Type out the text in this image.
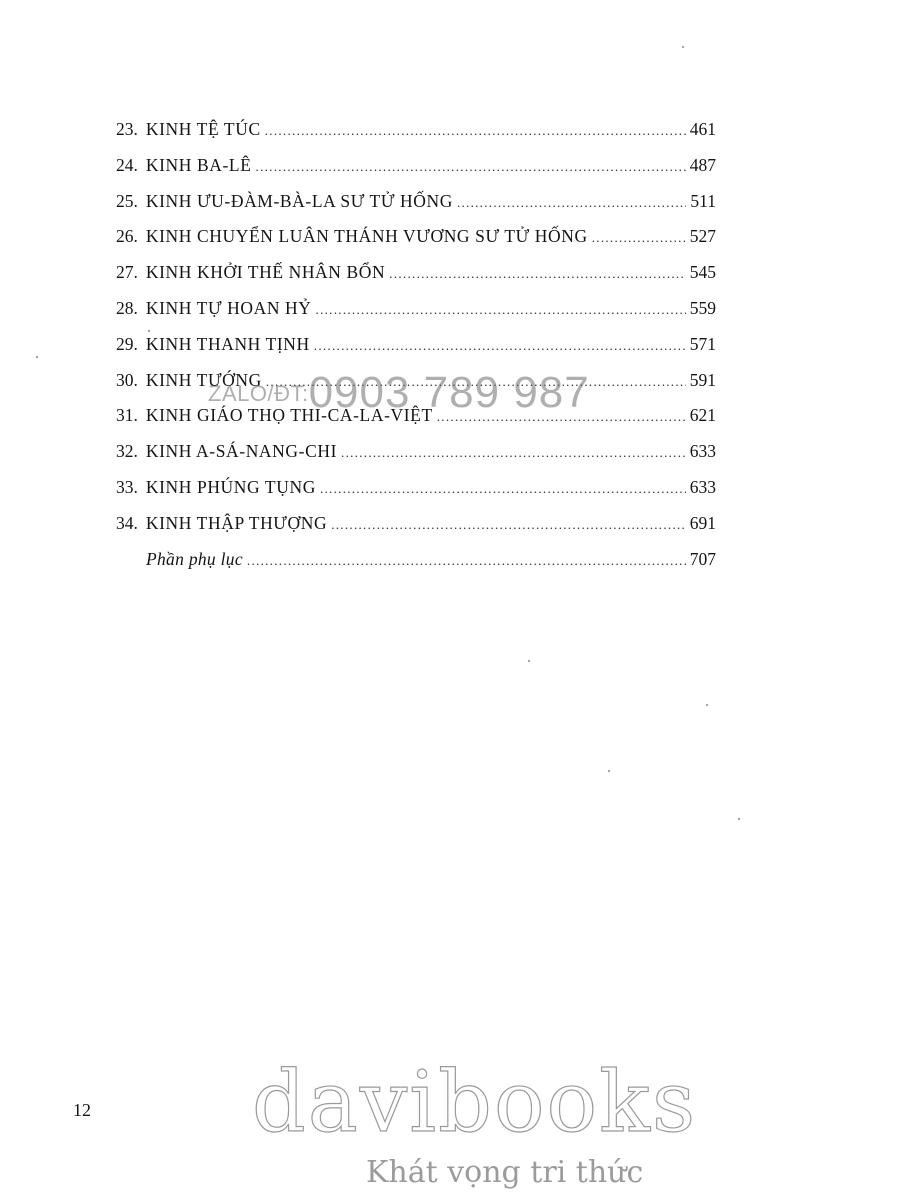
23. KINH TỆ TÚC .....	461
24. KINH BA-LÊ .....	487
25. KINH ƯU-ĐÀM-BÀ-LA SƯ TỬ HỐNG .....	511
26. KINH CHUYỂN LUÂN THÁNH VƯƠNG SƯ TỬ HỐNG .....	527
27. KINH KHỞI THẾ NHÂN BỔN .....	545
28. KINH TỰ HOAN HỶ .....	559
29. KINH THANH TỊNH .....	571
30. KINH TƯỚNG .....	591
31. KINH GIÁO THỌ THI-CA-LA-VIỆT .....	621
32. KINH A-SÁ-NANG-CHI .....	633
33. KINH PHÚNG TỤNG .....	633
34. KINH THẬP THƯỢNG .....	691
Phần phụ lục .....	707
ZALO/ĐT:0903 789 987
12 davibooks
Khát vọng tri thức
